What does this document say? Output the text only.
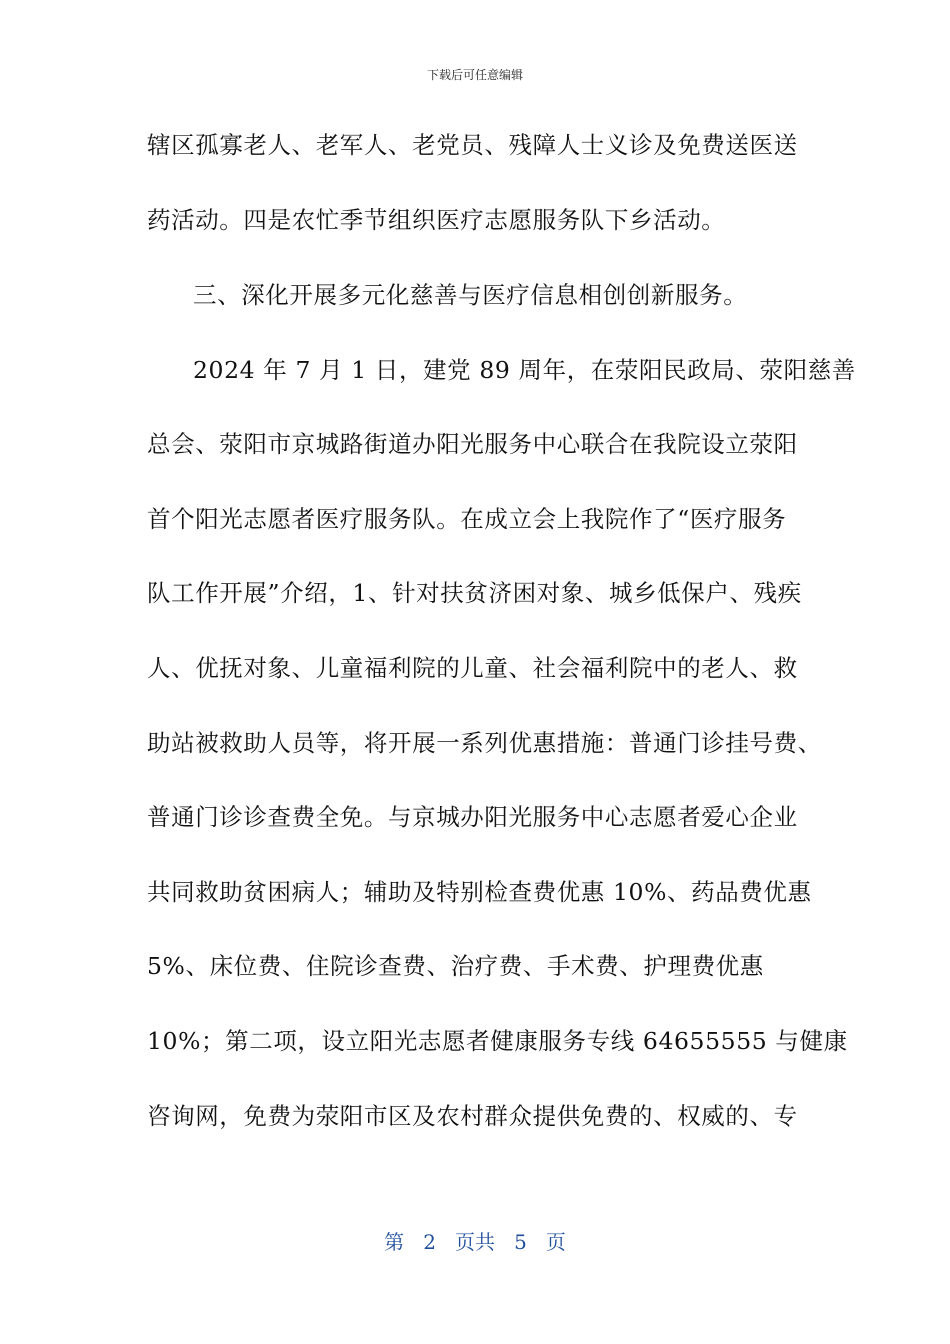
下载后可任意编辑
辖区孤寡老人、老军人、老党员、残障人士义诊及免费送医送
药活动。四是农忙季节组织医疗志愿服务队下乡活动。
三、深化开展多元化慈善与医疗信息相创创新服务。
2024 年 7 月 1 日，建党 89 周年，在荥阳民政局、荥阳慈善
总会、荥阳市京城路街道办阳光服务中心联合在我院设立荥阳
首个阳光志愿者医疗服务队。在成立会上我院作了“医疗服务
队工作开展”介绍，1、针对扶贫济困对象、城乡低保户、残疾
人、优抚对象、儿童福利院的儿童、社会福利院中的老人、救
助站被救助人员等，将开展一系列优惠措施：普通门诊挂号费、
普通门诊诊查费全免。与京城办阳光服务中心志愿者爱心企业
共同救助贫困病人；辅助及特别检查费优惠 10%、药品费优惠
5%、床位费、住院诊查费、治疗费、手术费、护理费优惠
10%；第二项，设立阳光志愿者健康服务专线 64655555 与健康
咨询网，免费为荥阳市区及农村群众提供免费的、权威的、专
第 2 页共 5 页
